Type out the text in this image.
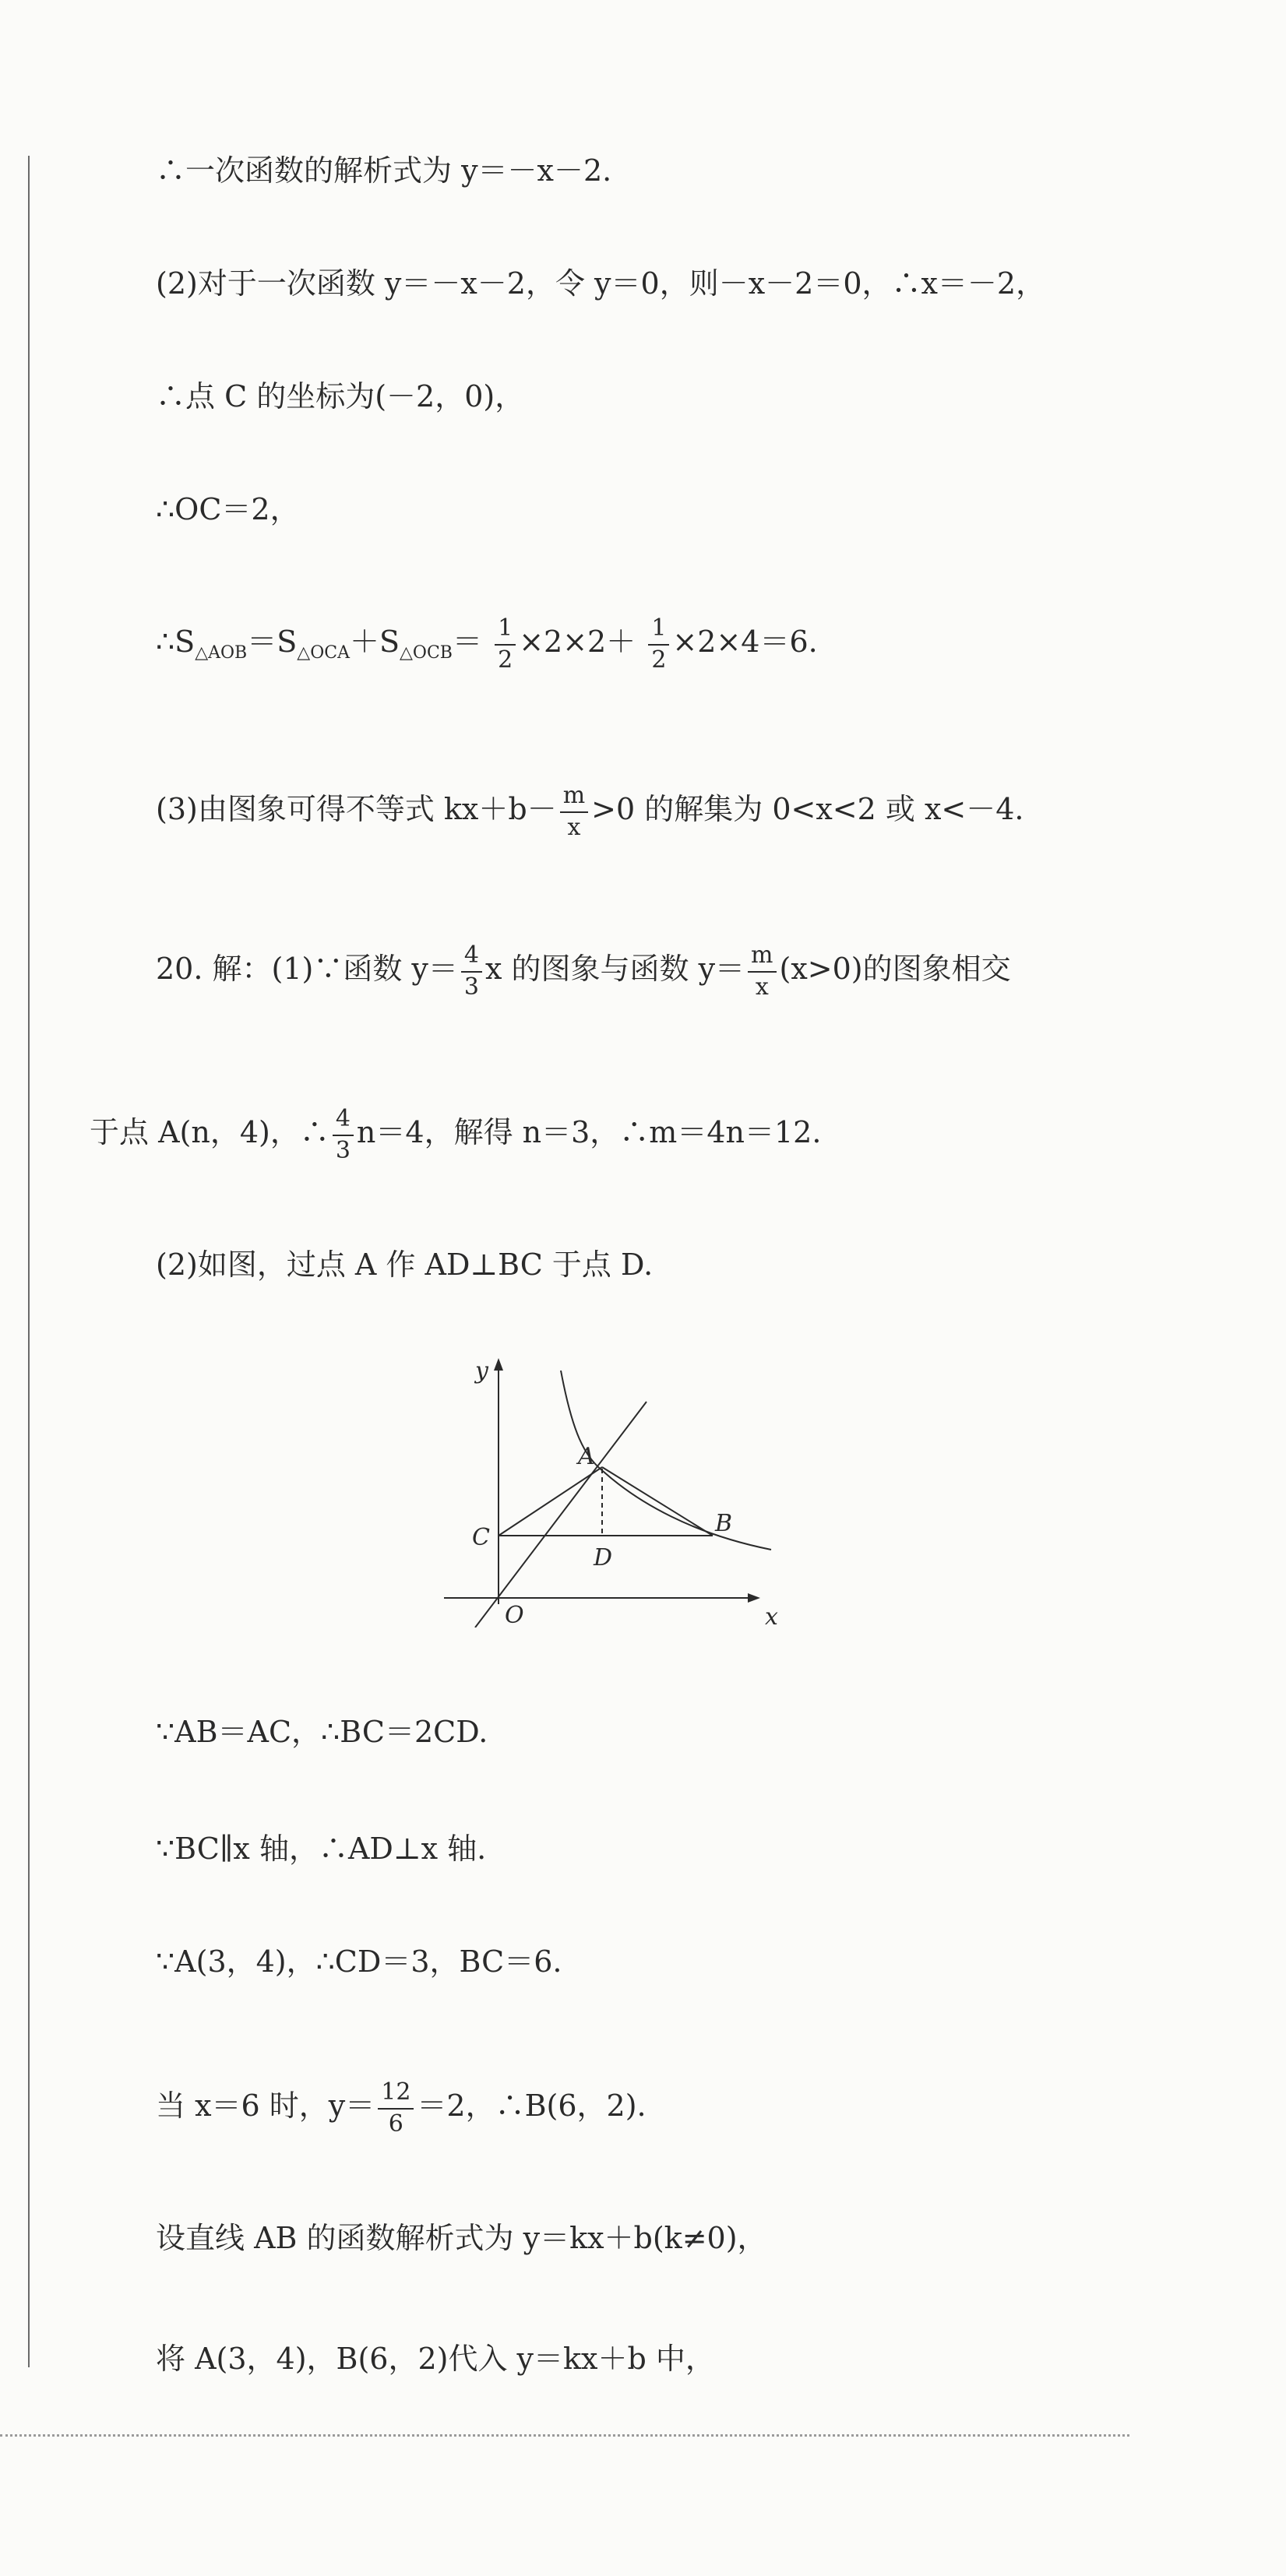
∴一次函数的解析式为 y＝－x－2.
(2)对于一次函数 y＝－x－2，令 y＝0，则－x－2＝0，∴x＝－2，
∴点 C 的坐标为(－2，0)，
∴OC＝2，
$\therefore S_{\triangle AOB}=S_{\triangle OCA}+S_{\triangle OCB}= \frac{1}{2} \times 2\times 2+ \frac{1}{2} \times 2\times 4=6$.
(3)由图象可得不等式 $kx+b- \frac{m}{x} >0$ 的解集为 0<x<2 或 x<－4.
20. 解：(1)∵函数 $y= \frac{4}{3}$ x 的图象与函数 $y= \frac{m}{x} (x>0)$的图象相交
于点 A(n，4)，∴ $\frac{4}{3} n=4$，解得 n＝3，∴m＝4n＝12.
(2)如图，过点 A 作 AD⊥BC 于点 D.
y
x
A
B
C
D
O
∵AB＝AC，∴BC＝2CD.
∵BC∥x 轴，∴AD⊥x 轴.
∵A(3，4)，∴CD＝3，BC＝6.
当 x＝6 时，$y= \frac{12}{6} =2$，∴B(6，2).
设直线 AB 的函数解析式为 y＝kx＋b(k≠0)，
将 A(3，4)，B(6，2)代入 y＝kx＋b 中，
